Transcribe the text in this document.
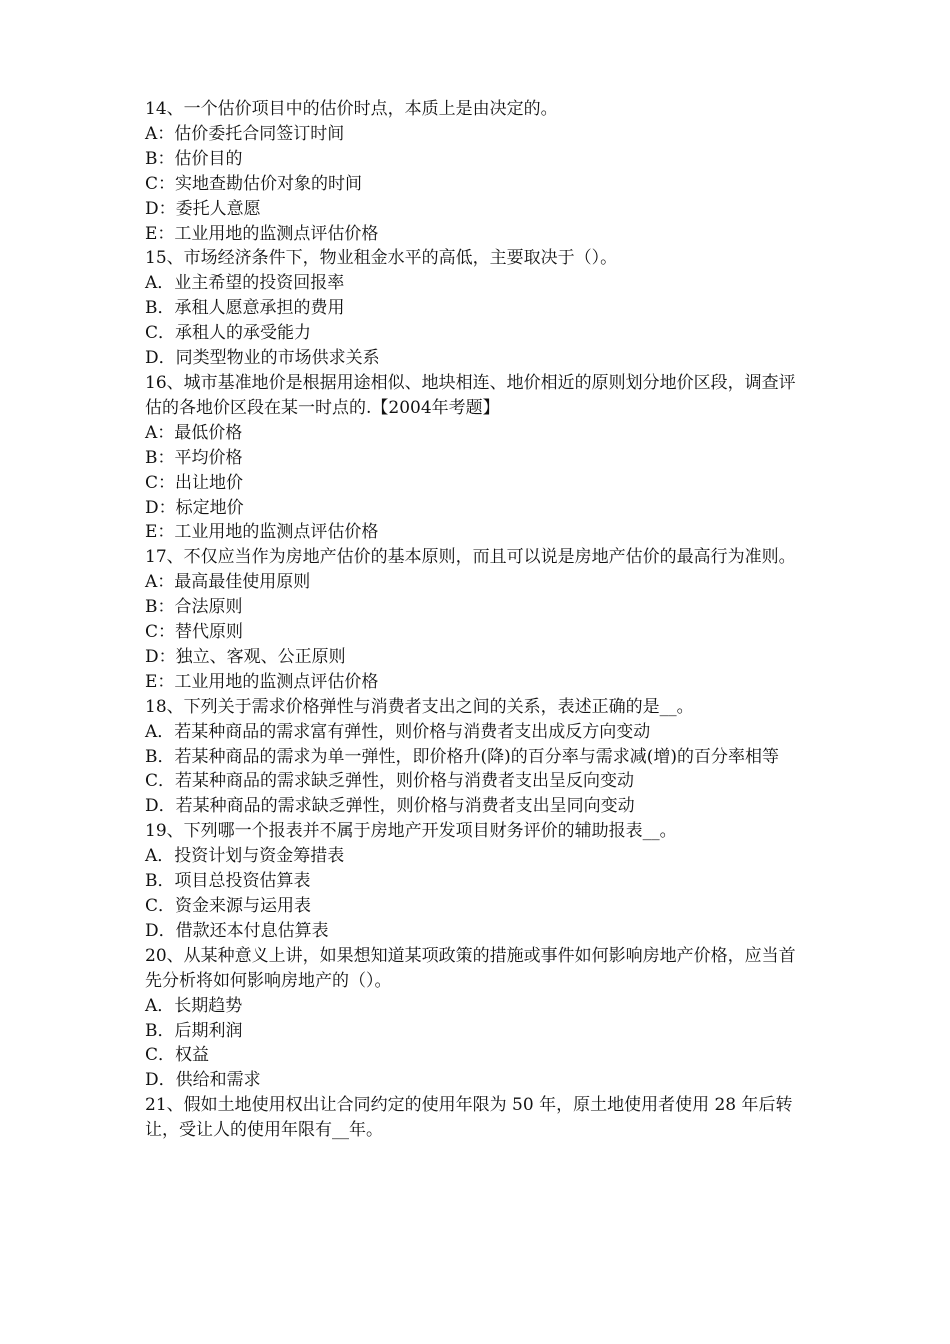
14、一个估价项目中的估价时点，本质上是由决定的。

A：估价委托合同签订时间

B：估价目的

C：实地查勘估价对象的时间

D：委托人意愿

E：工业用地的监测点评估价格

15、市场经济条件下，物业租金水平的高低，主要取决于（）。

A．业主希望的投资回报率

B．承租人愿意承担的费用

C．承租人的承受能力

D．同类型物业的市场供求关系

16、城市基准地价是根据用途相似、地块相连、地价相近的原则划分地价区段，调查评估的各地价区段在某一时点的.【2004年考题】

A：最低价格

B：平均价格

C：出让地价

D：标定地价

E：工业用地的监测点评估价格

17、不仅应当作为房地产估价的基本原则，而且可以说是房地产估价的最高行为准则。

A：最高最佳使用原则

B：合法原则

C：替代原则

D：独立、客观、公正原则

E：工业用地的监测点评估价格

18、下列关于需求价格弹性与消费者支出之间的关系，表述正确的是__。

A．若某种商品的需求富有弹性，则价格与消费者支出成反方向变动

B．若某种商品的需求为单一弹性，即价格升(降)的百分率与需求减(增)的百分率相等

C．若某种商品的需求缺乏弹性，则价格与消费者支出呈反向变动

D．若某种商品的需求缺乏弹性，则价格与消费者支出呈同向变动

19、下列哪一个报表并不属于房地产开发项目财务评价的辅助报表__。

A．投资计划与资金筹措表

B．项目总投资估算表

C．资金来源与运用表

D．借款还本付息估算表

20、从某种意义上讲，如果想知道某项政策的措施或事件如何影响房地产价格，应当首先分析将如何影响房地产的（）。

A．长期趋势

B．后期利润

C．权益

D．供给和需求

21、假如土地使用权出让合同约定的使用年限为 50 年，原土地使用者使用 28 年后转让，受让人的使用年限有__年。
